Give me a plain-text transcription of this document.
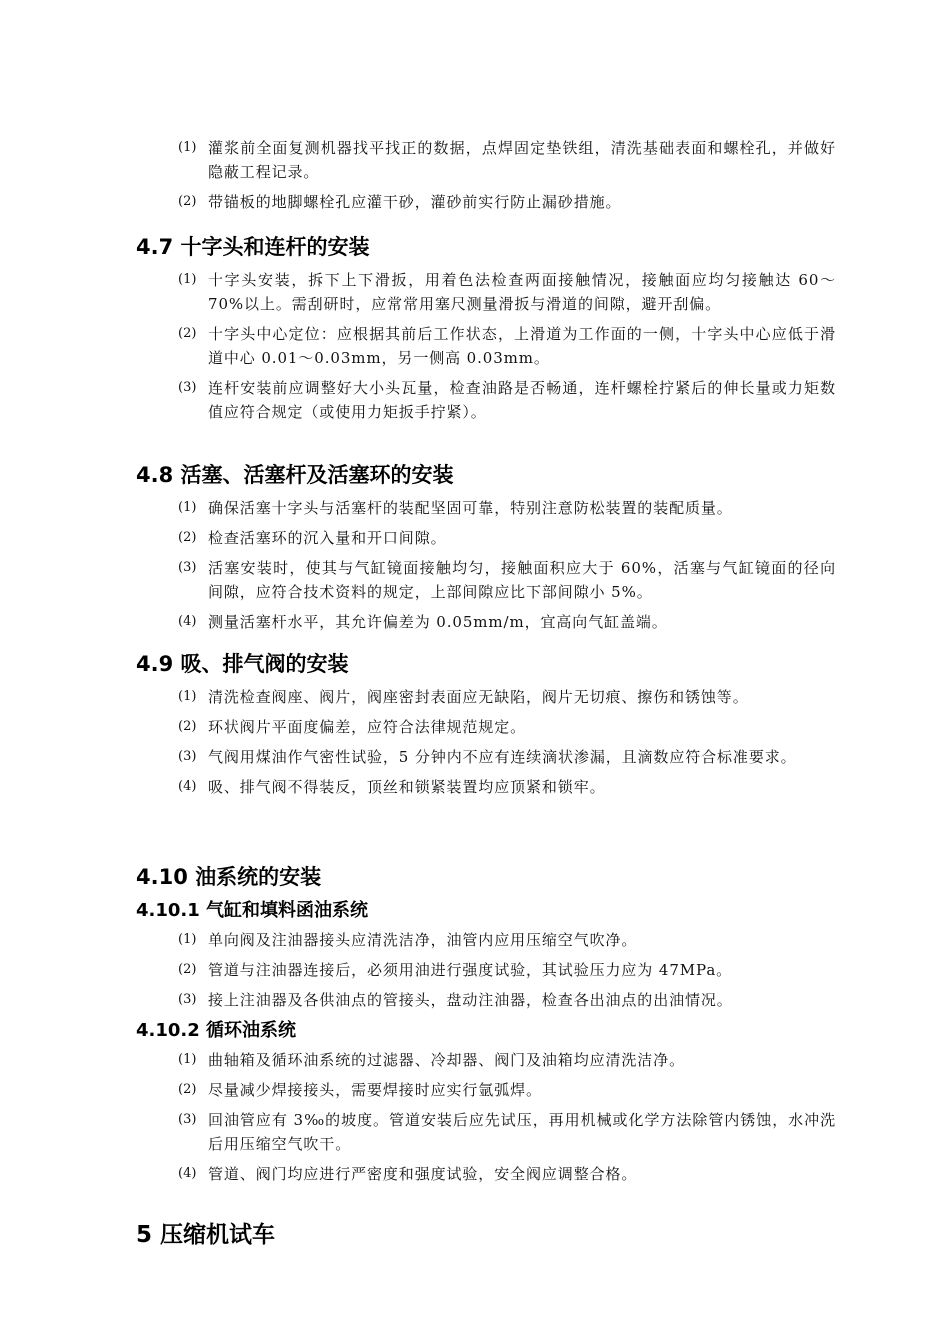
(1) 灌浆前全面复测机器找平找正的数据，点焊固定垫铁组，清洗基础表面和螺栓孔，并做好隐蔽工程记录。
(2) 带锚板的地脚螺栓孔应灌干砂，灌砂前实行防止漏砂措施。
4.7 十字头和连杆的安装
(1) 十字头安装，拆下上下滑扳，用着色法检查两面接触情况，接触面应均匀接触达 60～70%以上。需刮研时，应常常用塞尺测量滑扳与滑道的间隙，避开刮偏。
(2) 十字头中心定位：应根据其前后工作状态，上滑道为工作面的一侧，十字头中心应低于滑道中心 0.01～0.03mm，另一侧高 0.03mm。
(3) 连杆安装前应调整好大小头瓦量，检查油路是否畅通，连杆螺栓拧紧后的伸长量或力矩数值应符合规定（或使用力矩扳手拧紧）。
4.8 活塞、活塞杆及活塞环的安装
(1) 确保活塞十字头与活塞杆的装配坚固可靠，特别注意防松装置的装配质量。
(2) 检查活塞环的沉入量和开口间隙。
(3) 活塞安装时，使其与气缸镜面接触均匀，接触面积应大于 60%，活塞与气缸镜面的径向间隙，应符合技术资料的规定，上部间隙应比下部间隙小 5%。
(4) 测量活塞杆水平，其允许偏差为 0.05mm/m，宜高向气缸盖端。
4.9 吸、排气阀的安装
(1) 清洗检查阀座、阀片，阀座密封表面应无缺陷，阀片无切痕、擦伤和锈蚀等。
(2) 环状阀片平面度偏差，应符合法律规范规定。
(3) 气阀用煤油作气密性试验，5 分钟内不应有连续滴状渗漏，且滴数应符合标准要求。
(4) 吸、排气阀不得装反，顶丝和锁紧装置均应顶紧和锁牢。
4.10 油系统的安装
4.10.1 气缸和填料函油系统
(1) 单向阀及注油器接头应清洗洁净，油管内应用压缩空气吹净。
(2) 管道与注油器连接后，必须用油进行强度试验，其试验压力应为 47MPa。
(3) 接上注油器及各供油点的管接头，盘动注油器，检查各出油点的出油情况。
4.10.2 循环油系统
(1) 曲轴箱及循环油系统的过滤器、冷却器、阀门及油箱均应清洗洁净。
(2) 尽量减少焊接接头，需要焊接时应实行氩弧焊。
(3) 回油管应有 3‰的坡度。管道安装后应先试压，再用机械或化学方法除管内锈蚀，水冲洗后用压缩空气吹干。
(4) 管道、阀门均应进行严密度和强度试验，安全阀应调整合格。
5 压缩机试车
